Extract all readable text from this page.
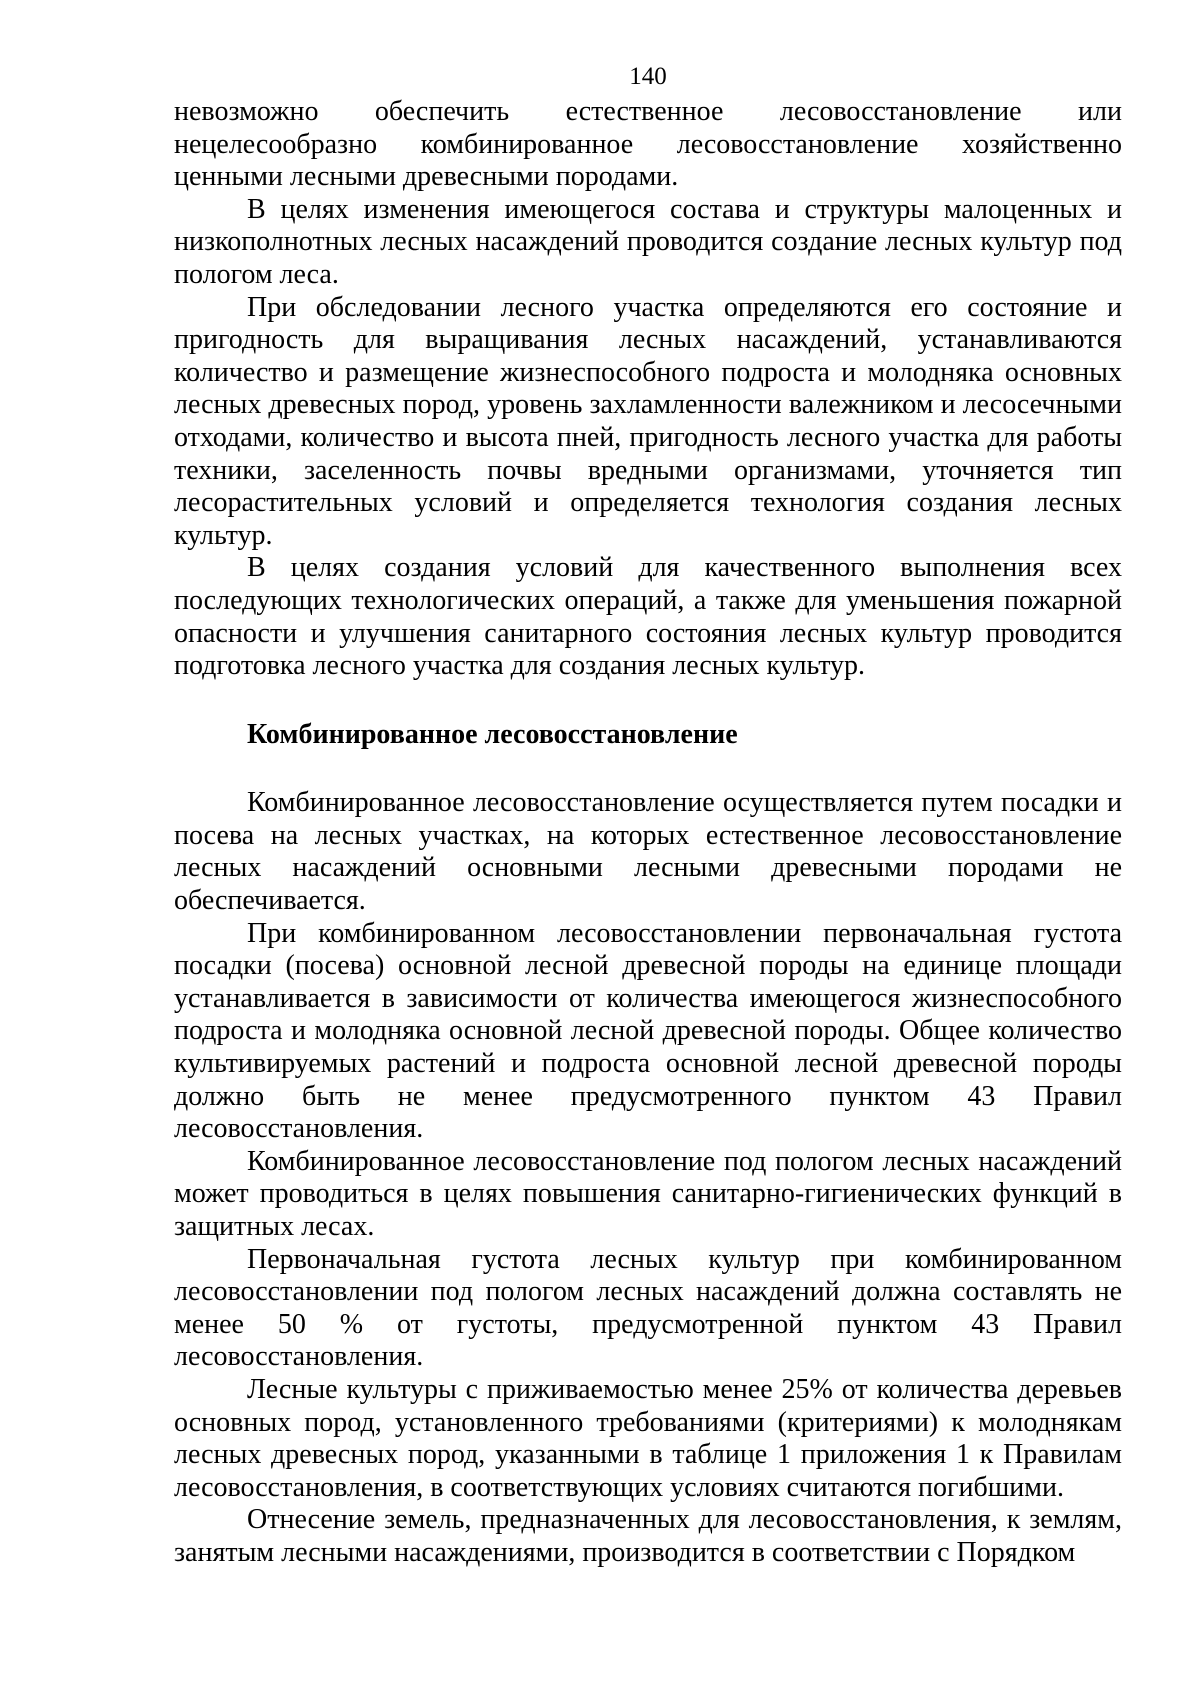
140

невозможно обеспечить естественное лесовосстановление или нецелесообразно комбинированное лесовосстановление хозяйственно ценными лесными древесными породами.

В целях изменения имеющегося состава и структуры малоценных и низкополнотных лесных насаждений проводится создание лесных культур под пологом леса.

При обследовании лесного участка определяются его состояние и пригодность для выращивания лесных насаждений, устанавливаются количество и размещение жизнеспособного подроста и молодняка основных лесных древесных пород, уровень захламленности валежником и лесосечными отходами, количество и высота пней, пригодность лесного участка для работы техники, заселенность почвы вредными организмами, уточняется тип лесорастительных условий и определяется технология создания лесных культур.

В целях создания условий для качественного выполнения всех последующих технологических операций, а также для уменьшения пожарной опасности и улучшения санитарного состояния лесных культур проводится подготовка лесного участка для создания лесных культур.

Комбинированное лесовосстановление

Комбинированное лесовосстановление осуществляется путем посадки и посева на лесных участках, на которых естественное лесовосстановление лесных насаждений основными лесными древесными породами не обеспечивается.

При комбинированном лесовосстановлении первоначальная густота посадки (посева) основной лесной древесной породы на единице площади устанавливается в зависимости от количества имеющегося жизнеспособного подроста и молодняка основной лесной древесной породы. Общее количество культивируемых растений и подроста основной лесной древесной породы должно быть не менее предусмотренного пунктом 43 Правил лесовосстановления.

Комбинированное лесовосстановление под пологом лесных насаждений может проводиться в целях повышения санитарно-гигиенических функций в защитных лесах.

Первоначальная густота лесных культур при комбинированном лесовосстановлении под пологом лесных насаждений должна составлять не менее 50 % от густоты, предусмотренной пунктом 43 Правил лесовосстановления.

Лесные культуры с приживаемостью менее 25% от количества деревьев основных пород, установленного требованиями (критериями) к молоднякам лесных древесных пород, указанными в таблице 1 приложения 1 к Правилам лесовосстановления, в соответствующих условиях считаются погибшими.

Отнесение земель, предназначенных для лесовосстановления, к землям, занятым лесными насаждениями, производится в соответствии с Порядком
